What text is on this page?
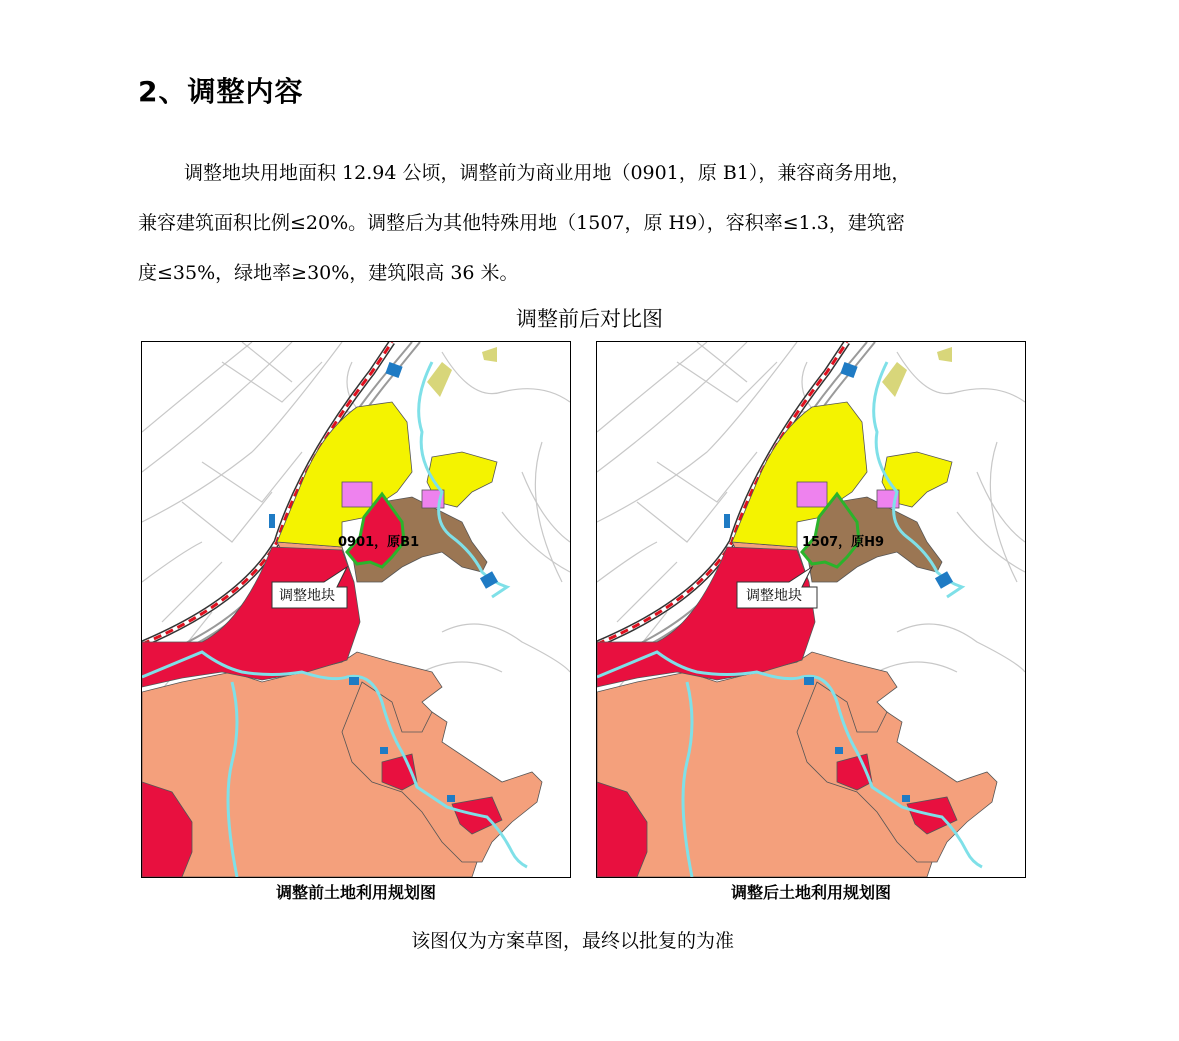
2、调整内容

调整地块用地面积 12.94 公顷，调整前为商业用地（0901，原 B1），兼容商务用地，

兼容建筑面积比例≤20%。调整后为其他特殊用地（1507，原 H9），容积率≤1.3，建筑密

度≤35%，绿地率≥30%，建筑限高 36 米。

调整前后对比图
0901，原B1
调整地块
1507，原H9
调整地块
调整前土地利用规划图	调整后土地利用规划图
该图仅为方案草图，最终以批复的为准
